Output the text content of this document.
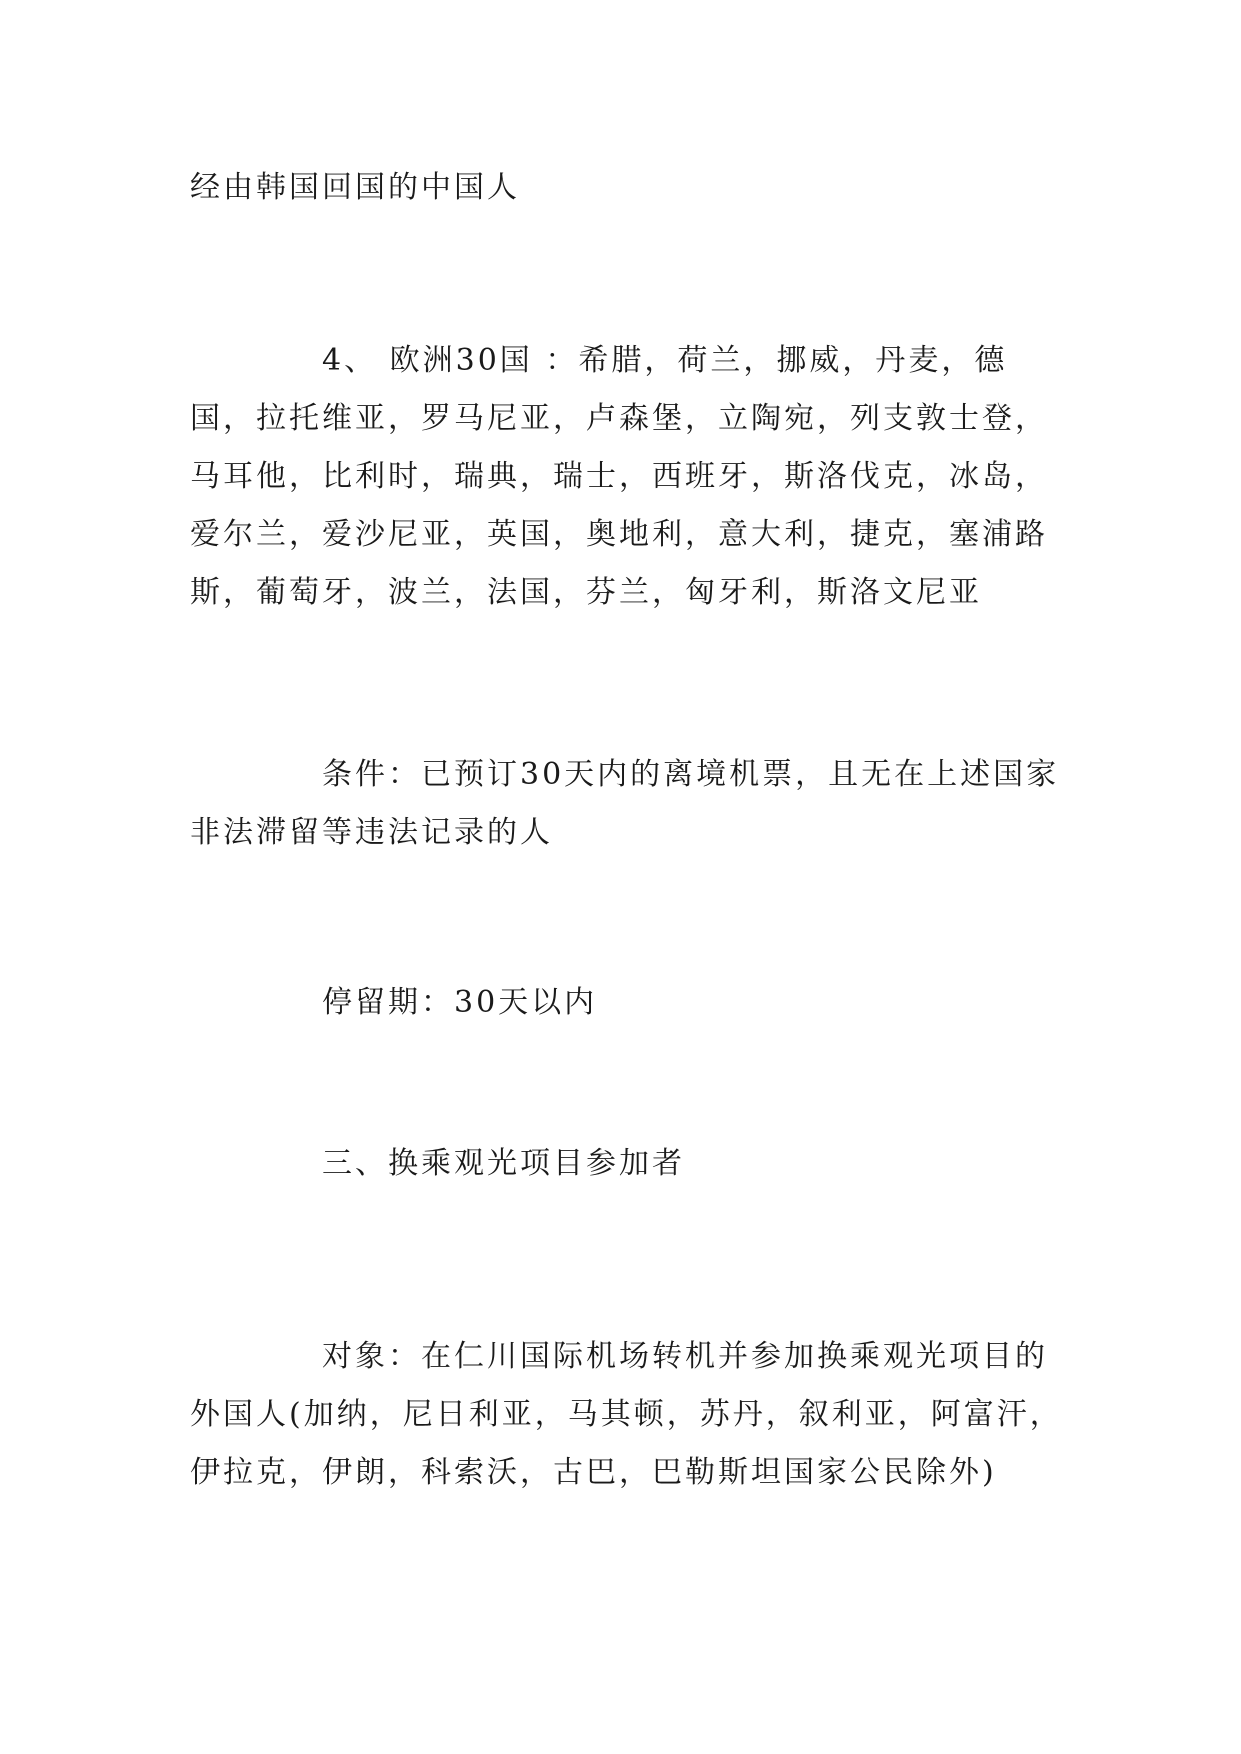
经由韩国回国的中国人

　　　　4、 欧洲30国 ：希腊，荷兰，挪威，丹麦，德国，拉托维亚，罗马尼亚，卢森堡，立陶宛，列支敦士登，马耳他，比利时，瑞典，瑞士，西班牙，斯洛伐克，冰岛，爱尔兰，爱沙尼亚，英国，奥地利，意大利，捷克，塞浦路斯，葡萄牙，波兰，法国，芬兰，匈牙利，斯洛文尼亚

　　　　条件：已预订30天内的离境机票，且无在上述国家非法滞留等违法记录的人

　　　　停留期：30天以内

　　　　三、换乘观光项目参加者

　　　　对象：在仁川国际机场转机并参加换乘观光项目的外国人(加纳，尼日利亚，马其顿，苏丹，叙利亚，阿富汗，伊拉克，伊朗，科索沃，古巴，巴勒斯坦国家公民除外)
